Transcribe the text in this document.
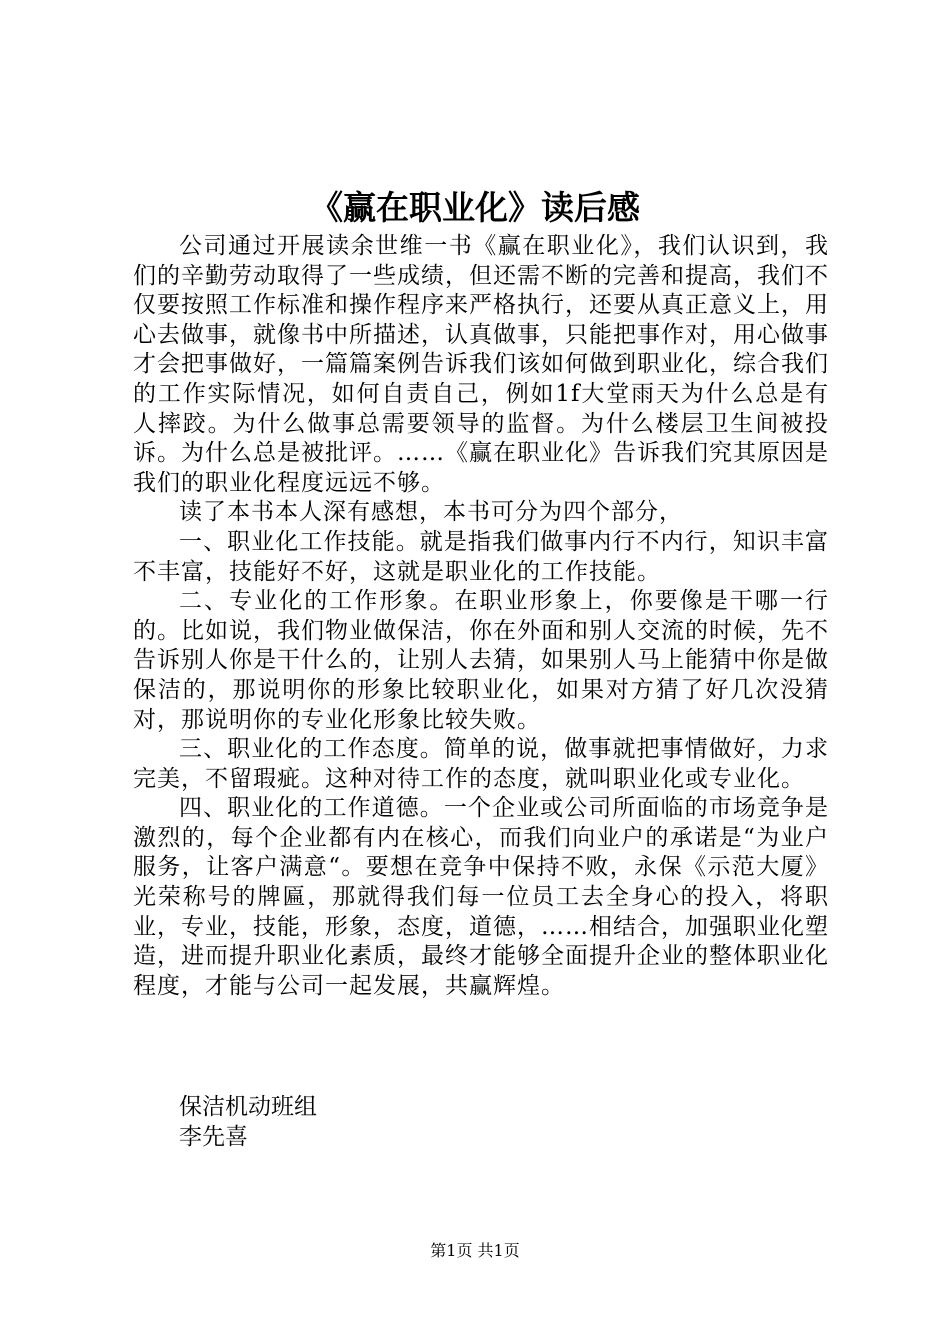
《赢在职业化》读后感

公司通过开展读余世维一书《赢在职业化》，我们认识到，我们的辛勤劳动取得了一些成绩，但还需不断的完善和提高，我们不仅要按照工作标准和操作程序来严格执行，还要从真正意义上，用心去做事，就像书中所描述，认真做事，只能把事作对，用心做事才会把事做好，一篇篇案例告诉我们该如何做到职业化，综合我们的工作实际情况，如何自责自己，例如1f大堂雨天为什么总是有人摔跤。为什么做事总需要领导的监督。为什么楼层卫生间被投诉。为什么总是被批评。……《赢在职业化》告诉我们究其原因是我们的职业化程度远远不够。

读了本书本人深有感想，本书可分为四个部分，

一、职业化工作技能。就是指我们做事内行不内行，知识丰富不丰富，技能好不好，这就是职业化的工作技能。

二、专业化的工作形象。在职业形象上，你要像是干哪一行的。比如说，我们物业做保洁，你在外面和别人交流的时候，先不告诉别人你是干什么的，让别人去猜，如果别人马上能猜中你是做保洁的，那说明你的形象比较职业化，如果对方猜了好几次没猜对，那说明你的专业化形象比较失败。

三、职业化的工作态度。简单的说，做事就把事情做好，力求完美，不留瑕疵。这种对待工作的态度，就叫职业化或专业化。

四、职业化的工作道德。一个企业或公司所面临的市场竞争是激烈的，每个企业都有内在核心，而我们向业户的承诺是“为业户服务，让客户满意“。要想在竞争中保持不败，永保《示范大厦》光荣称号的牌匾，那就得我们每一位员工去全身心的投入，将职业，专业，技能，形象，态度，道德，……相结合，加强职业化塑造，进而提升职业化素质，最终才能够全面提升企业的整体职业化程度，才能与公司一起发展，共赢辉煌。

保洁机动班组
李先喜
第1页 共1页
